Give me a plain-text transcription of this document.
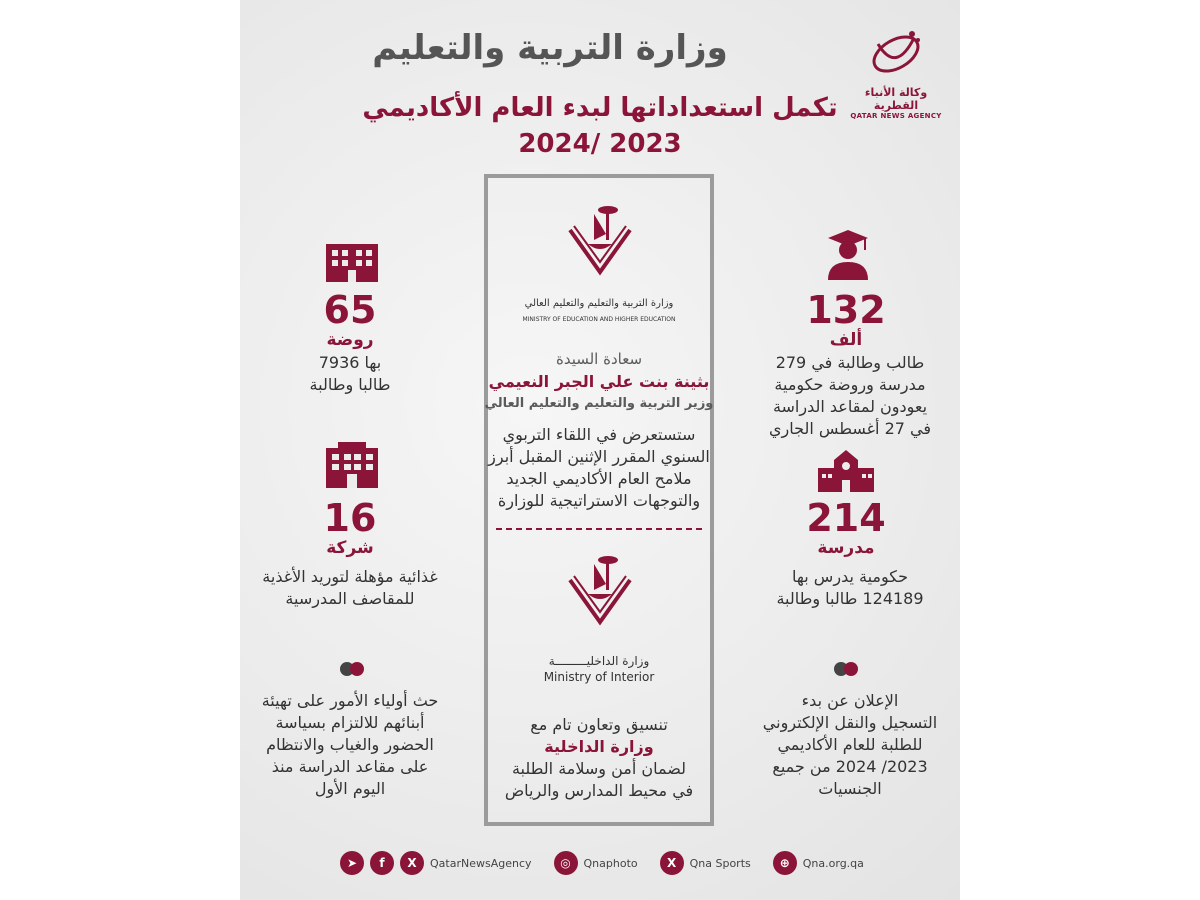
وكالة الأنباء القطرية
QATAR NEWS AGENCY
وزارة التربية والتعليم
تكمل استعداداتها لبدء العام الأكاديمي
2023 /2024
وزارة التربية والتعليم والتعليم العالي
MINISTRY OF EDUCATION AND HIGHER EDUCATION
سعادة السيدة
بثينة بنت علي الجبر النعيمي
وزير التربية والتعليم والتعليم العالي
ستستعرض في اللقاء التربوي
السنوي المقرر الإثنين المقبل أبرز
ملامح العام الأكاديمي الجديد
والتوجهات الاستراتيجية للوزارة
وزارة الداخليـــــــــة
Ministry of Interior
تنسيق وتعاون تام مع
وزارة الداخلية
لضمان أمن وسلامة الطلبة
في محيط المدارس والرياض
65
روضة
بها 7936
طالبا وطالبة
16
شركة
غذائية مؤهلة لتوريد الأغذية
للمقاصف المدرسية
حث أولياء الأمور على تهيئة
أبنائهم للالتزام بسياسة
الحضور والغياب والانتظام
على مقاعد الدراسة منذ
اليوم الأول
132
ألف
طالب وطالبة في 279
مدرسة وروضة حكومية
يعودون لمقاعد الدراسة
في 27 أغسطس الجاري
214
مدرسة
حكومية يدرس بها
124189 طالبا وطالبة
الإعلان عن بدء
التسجيل والنقل الإلكتروني
للطلبة للعام الأكاديمي
2023/ 2024 من جميع
الجنسيات
➤	f	X	QatarNewsAgency	◎	Qnaphoto	X	Qna Sports	⊕	Qna.org.qa
